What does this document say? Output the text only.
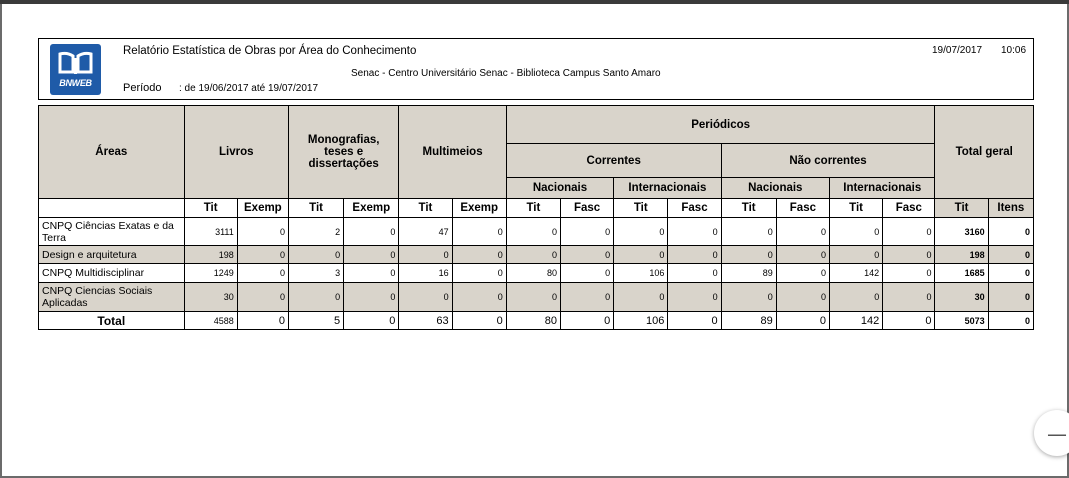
BNWEB
Relatório Estatística de Obras por Área do Conhecimento
Período : de 19/06/2017 até 19/07/2017
Senac - Centro Universitário Senac - Biblioteca Campus Santo Amaro
19/07/2017 10:06
Áreas	Livros		Monografias, teses e dissertações		Multimeios		Periódicos								Total geral	
							Correntes				Não correntes					
							Nacionais		Internacionais		Nacionais		Internacionais			
	Tit	Exemp	Tit	Exemp	Tit	Exemp	Tit	Fasc	Tit	Fasc	Tit	Fasc	Tit	Fasc	Tit	Itens
CNPQ Ciências Exatas e da Terra	3111	0	2	0	47	0	0	0	0	0	0	0	0	0	3160	0
Design e arquitetura	198	0	0	0	0	0	0	0	0	0	0	0	0	0	198	0
CNPQ Multidisciplinar	1249	0	3	0	16	0	80	0	106	0	89	0	142	0	1685	0
CNPQ Ciencias Sociais Aplicadas	30	0	0	0	0	0	0	0	0	0	0	0	0	0	30	0
Total	4588	0	5	0	63	0	80	0	106	0	89	0	142	0	5073	0
—
